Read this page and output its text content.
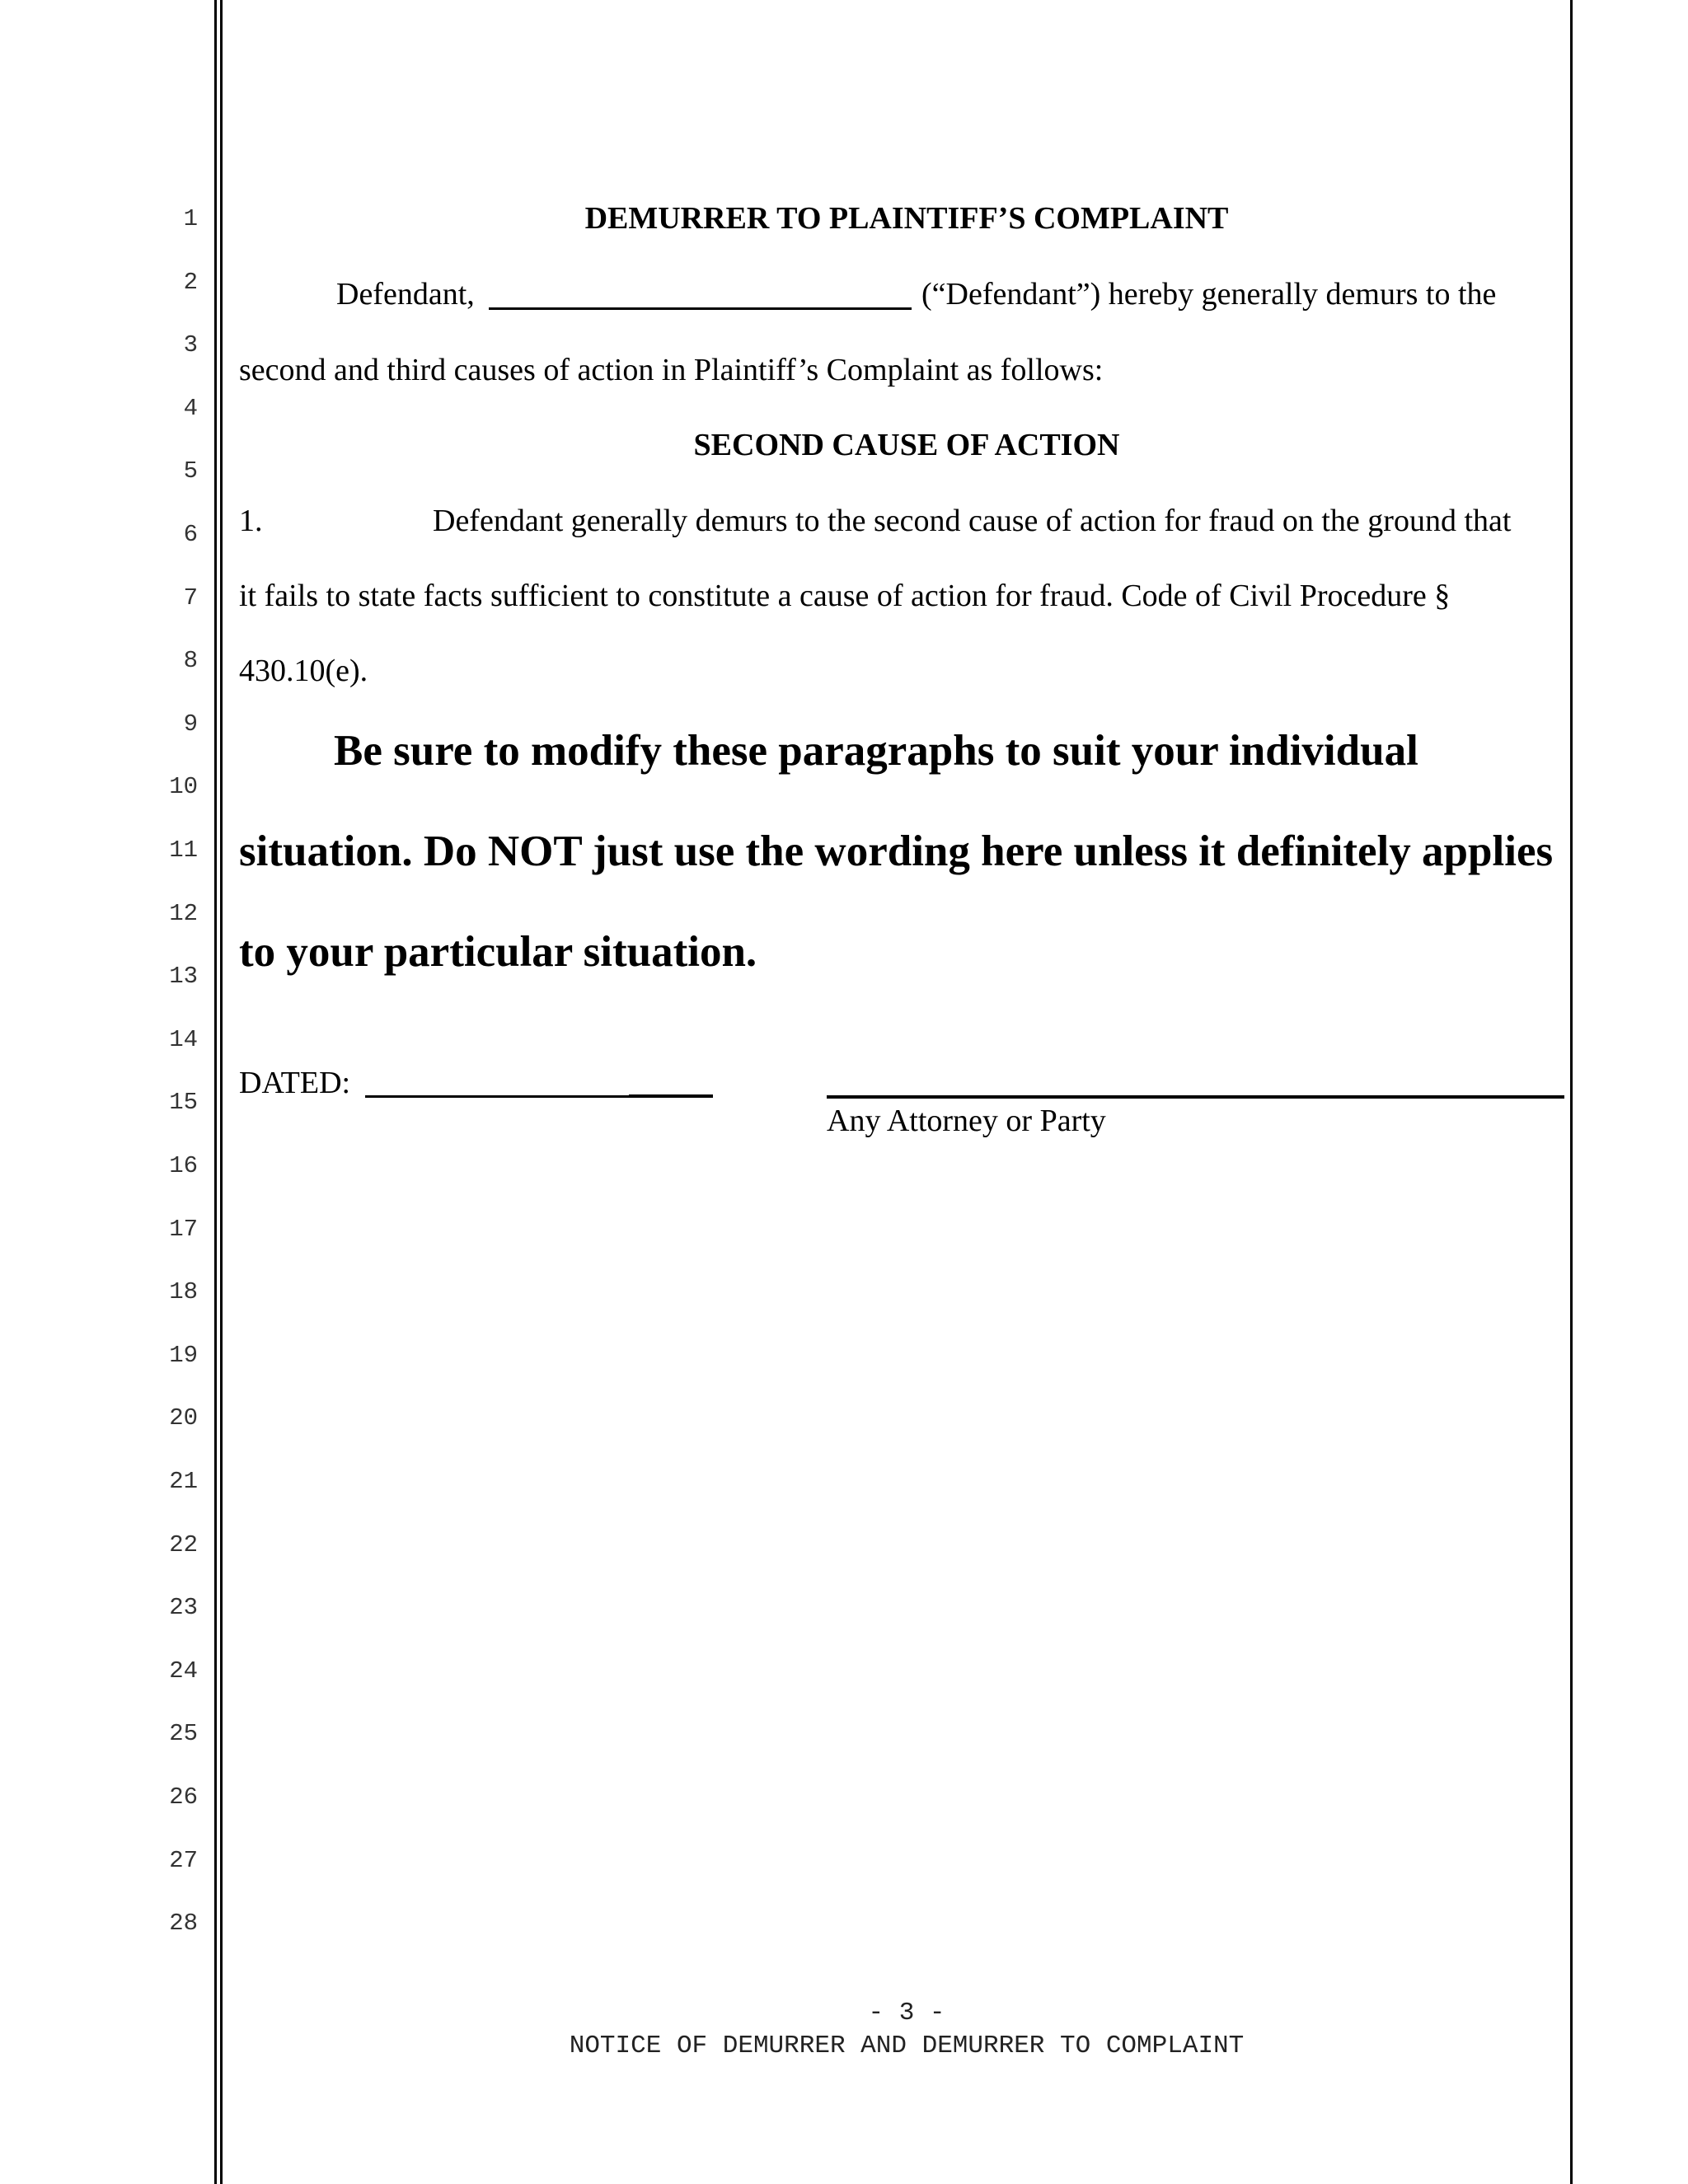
1
2
3
4
5
6
7
8
9
10
11
12
13
14
15
16
17
18
19
20
21
22
23
24
25
26
27
28
DEMURRER TO PLAINTIFF’S COMPLAINT
Defendant,	(“Defendant”) hereby generally demurs to the
second and third causes of action in Plaintiff’s Complaint as follows:
SECOND CAUSE OF ACTION
1.	Defendant generally demurs to the second cause of action for fraud on the ground that
it fails to state facts sufficient to constitute a cause of action for fraud. Code of Civil Procedure §
430.10(e).
Be sure to modify these paragraphs to suit your individual
situation. Do NOT just use the wording here unless it definitely applies
to your particular situation.
DATED:
Any Attorney or Party
- 3 -
NOTICE OF DEMURRER AND DEMURRER TO COMPLAINT
